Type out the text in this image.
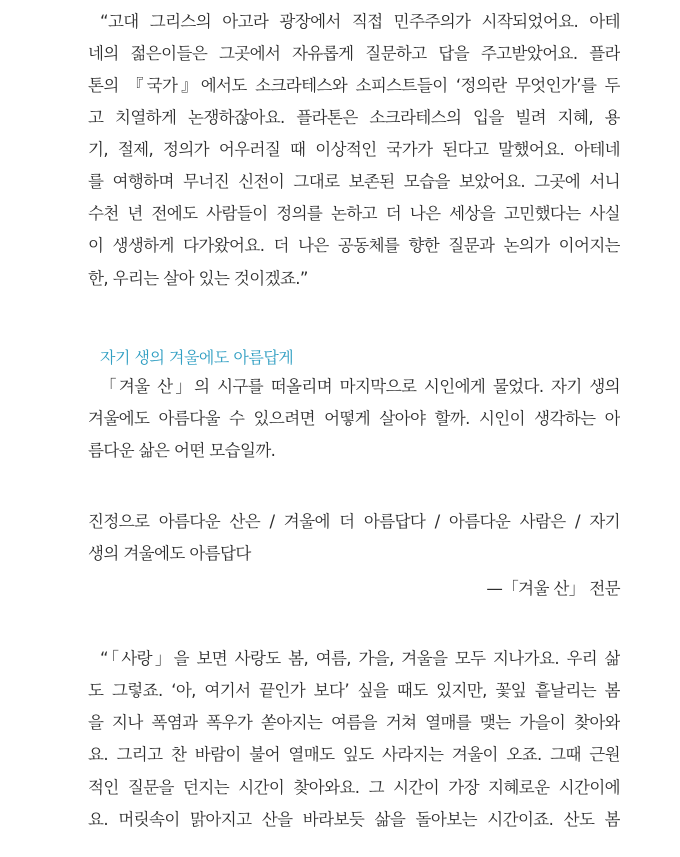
“고대 그리스의 아고라 광장에서 직접 민주주의가 시작되었어요. 아테
네의 젊은이들은 그곳에서 자유롭게 질문하고 답을 주고받았어요. 플라
톤의 『국가』에서도 소크라테스와 소피스트들이 ‘정의란 무엇인가’를 두
고 치열하게 논쟁하잖아요. 플라톤은 소크라테스의 입을 빌려 지혜, 용
기, 절제, 정의가 어우러질 때 이상적인 국가가 된다고 말했어요. 아테네
를 여행하며 무너진 신전이 그대로 보존된 모습을 보았어요. 그곳에 서니
수천 년 전에도 사람들이 정의를 논하고 더 나은 세상을 고민했다는 사실
이 생생하게 다가왔어요. 더 나은 공동체를 향한 질문과 논의가 이어지는
한, 우리는 살아 있는 것이겠죠.”
자기 생의 겨울에도 아름답게
「겨울 산」의 시구를 떠올리며 마지막으로 시인에게 물었다. 자기 생의
겨울에도 아름다울 수 있으려면 어떻게 살아야 할까. 시인이 생각하는 아
름다운 삶은 어떤 모습일까.
진정으로 아름다운 산은 / 겨울에 더 아름답다 / 아름다운 사람은 / 자기
생의 겨울에도 아름답다
—「겨울 산」 전문
“「사랑」을 보면 사랑도 봄, 여름, 가을, 겨울을 모두 지나가요. 우리 삶
도 그렇죠. ‘아, 여기서 끝인가 보다’ 싶을 때도 있지만, 꽃잎 흩날리는 봄
을 지나 폭염과 폭우가 쏟아지는 여름을 거쳐 열매를 맺는 가을이 찾아와
요. 그리고 찬 바람이 불어 열매도 잎도 사라지는 겨울이 오죠. 그때 근원
적인 질문을 던지는 시간이 찾아와요. 그 시간이 가장 지혜로운 시간이에
요. 머릿속이 맑아지고 산을 바라보듯 삶을 돌아보는 시간이죠. 산도 봄
